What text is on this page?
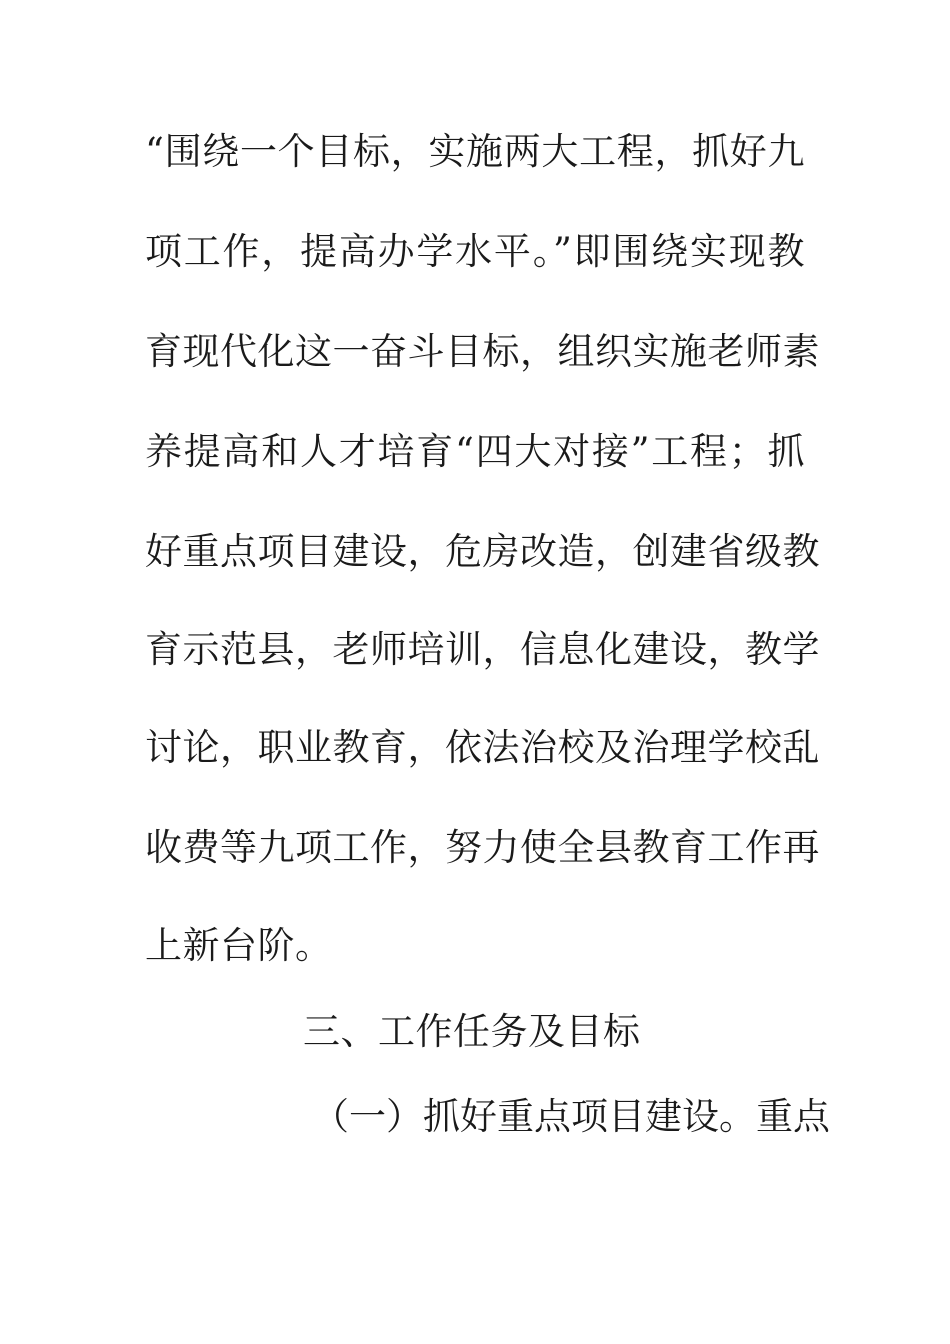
“围绕一个目标，实施两大工程，抓好九
项工作，提高办学水平。”即围绕实现教
育现代化这一奋斗目标，组织实施老师素
养提高和人才培育“四大对接”工程；抓
好重点项目建设，危房改造，创建省级教
育示范县，老师培训，信息化建设，教学
讨论，职业教育，依法治校及治理学校乱
收费等九项工作，努力使全县教育工作再
上新台阶。
三、工作任务及目标
（一）抓好重点项目建设。重点
